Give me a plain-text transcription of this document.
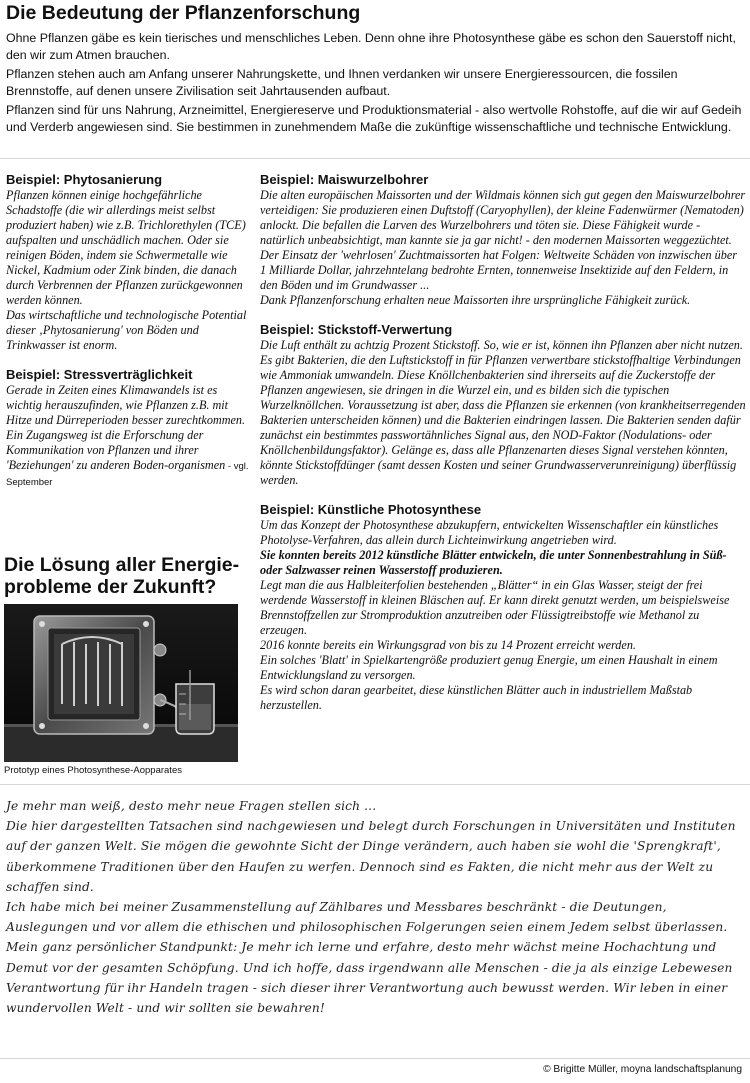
Die Bedeutung der Pflanzenforschung

Ohne Pflanzen gäbe es kein tierisches und menschliches Leben. Denn ohne ihre Photosynthese gäbe es schon den Sauerstoff nicht, den wir zum Atmen brauchen.

Pflanzen stehen auch am Anfang unserer Nahrungskette, und Ihnen verdanken wir unsere Energieressourcen, die fossilen Brennstoffe, auf denen unsere Zivilisation seit Jahrtausenden aufbaut.

Pflanzen sind für uns Nahrung, Arzneimittel, Energiereserve und Produktionsmaterial - also wertvolle Rohstoffe, auf die wir auf Gedeih und Verderb angewiesen sind. Sie bestimmen in zunehmendem Maße die zukünftige wissenschaftliche und technische Entwicklung.

Beispiel: Phytosanierung
Pflanzen können einige hochgefährliche Schadstoffe (die wir allerdings meist selbst produziert haben) wie z.B. Trichlorethylen (TCE) aufspalten und unschädlich machen. Oder sie reinigen Böden, indem sie Schwermetalle wie Nickel, Kadmium oder Zink binden, die danach durch Verbrennen der Pflanzen zurückgewonnen werden können.
Das wirtschaftliche und technologische Potential dieser ‚Phytosanierung' von Böden und Trinkwasser ist enorm.
Beispiel: Stressverträglichkeit
Gerade in Zeiten eines Klimawandels ist es wichtig herauszufinden, wie Pflanzen z.B. mit Hitze und Dürreperioden besser zurechtkommen.
Ein Zugangsweg ist die Erforschung der Kommunikation von Pflanzen und ihrer 'Beziehungen' zu anderen Boden-organismen - vgl. September
Die Lösung aller Energie-probleme der Zukunft?
Prototyp eines Photosynthese-Aopparates
Beispiel: Maiswurzelbohrer
Die alten europäischen Maissorten und der Wildmais können sich gut gegen den Maiswurzelbohrer verteidigen: Sie produzieren einen Duftstoff (Caryophyllen), der kleine Fadenwürmer (Nematoden) anlockt. Die befallen die Larven des Wurzelbohrers und töten sie. Diese Fähigkeit wurde - natürlich unbeabsichtigt, man kannte sie ja gar nicht! - den modernen Maissorten weggezüchtet.
Der Einsatz der 'wehrlosen' Zuchtmaissorten hat Folgen: Weltweite Schäden von inzwischen über 1 Milliarde Dollar, jahrzehntelang bedrohte Ernten, tonnenweise Insektizide auf den Feldern, in den Böden und im Grundwasser ...
Dank Pflanzenforschung erhalten neue Maissorten ihre ursprüngliche Fähigkeit zurück.
Beispiel: Stickstoff-Verwertung
Die Luft enthält zu achtzig Prozent Stickstoff. So, wie er ist, können ihn Pflanzen aber nicht nutzen. Es gibt Bakterien, die den Luftstickstoff in für Pflanzen verwertbare stickstoffhaltige Verbindungen wie Ammoniak umwandeln. Diese Knöllchenbakterien sind ihrerseits auf die Zuckerstoffe der Pflanzen angewiesen, sie dringen in die Wurzel ein, und es bilden sich die typischen Wurzelknöllchen. Voraussetzung ist aber, dass die Pflanzen sie erkennen (von krankheitserregenden Bakterien unterscheiden können) und die Bakterien eindringen lassen. Die Bakterien senden dafür zunächst ein bestimmtes passwortähnliches Signal aus, den NOD-Faktor (Nodulations- oder Knöllchenbildungsfaktor). Gelänge es, dass alle Pflanzenarten dieses Signal verstehen könnten, könnte Stickstoffdünger (samt dessen Kosten und seiner Grundwasserverunreinigung) überflüssig werden.
Beispiel: Künstliche Photosynthese
Um das Konzept der Photosynthese abzukupfern, entwickelten Wissenschaftler ein künstliches Photolyse-Verfahren, das allein durch Lichteinwirkung angetrieben wird.
Sie konnten bereits 2012 künstliche Blätter entwickeln, die unter Sonnenbestrahlung in Süß- oder Salzwasser reinen Wasserstoff produzieren.
Legt man die aus Halbleiterfolien bestehenden „Blätter“ in ein Glas Wasser, steigt der frei werdende Wasserstoff in kleinen Bläschen auf. Er kann direkt genutzt werden, um beispielsweise Brennstoffzellen zur Stromproduktion anzutreiben oder Flüssigtreibstoffe wie Methanol zu erzeugen.
2016 konnte bereits ein Wirkungsgrad von bis zu 14 Prozent erreicht werden.
Ein solches 'Blatt' in Spielkartengröße produziert genug Energie, um einen Haushalt in einem Entwicklungsland zu versorgen.
Es wird schon daran gearbeitet, diese künstlichen Blätter auch in industriellem Maßstab herzustellen.
Je mehr man weiß, desto mehr neue Fragen stellen sich ...
Die hier dargestellten Tatsachen sind nachgewiesen und belegt durch Forschungen in Universitäten und Instituten auf der ganzen Welt. Sie mögen die gewohnte Sicht der Dinge verändern, auch haben sie wohl die 'Sprengkraft', überkommene Traditionen über den Haufen zu werfen. Dennoch sind es Fakten, die nicht mehr aus der Welt zu schaffen sind.
Ich habe mich bei meiner Zusammenstellung auf Zählbares und Messbares beschränkt - die Deutungen, Auslegungen und vor allem die ethischen und philosophischen Folgerungen seien einem Jedem selbst überlassen.
Mein ganz persönlicher Standpunkt: Je mehr ich lerne und erfahre, desto mehr wächst meine Hochachtung und Demut vor der gesamten Schöpfung. Und ich hoffe, dass irgendwann alle Menschen - die ja als einzige Lebewesen Verantwortung für ihr Handeln tragen - sich dieser ihrer Verantwortung auch bewusst werden. Wir leben in einer wundervollen Welt - und wir sollten sie bewahren!
© Brigitte Müller, moyna landschaftsplanung
